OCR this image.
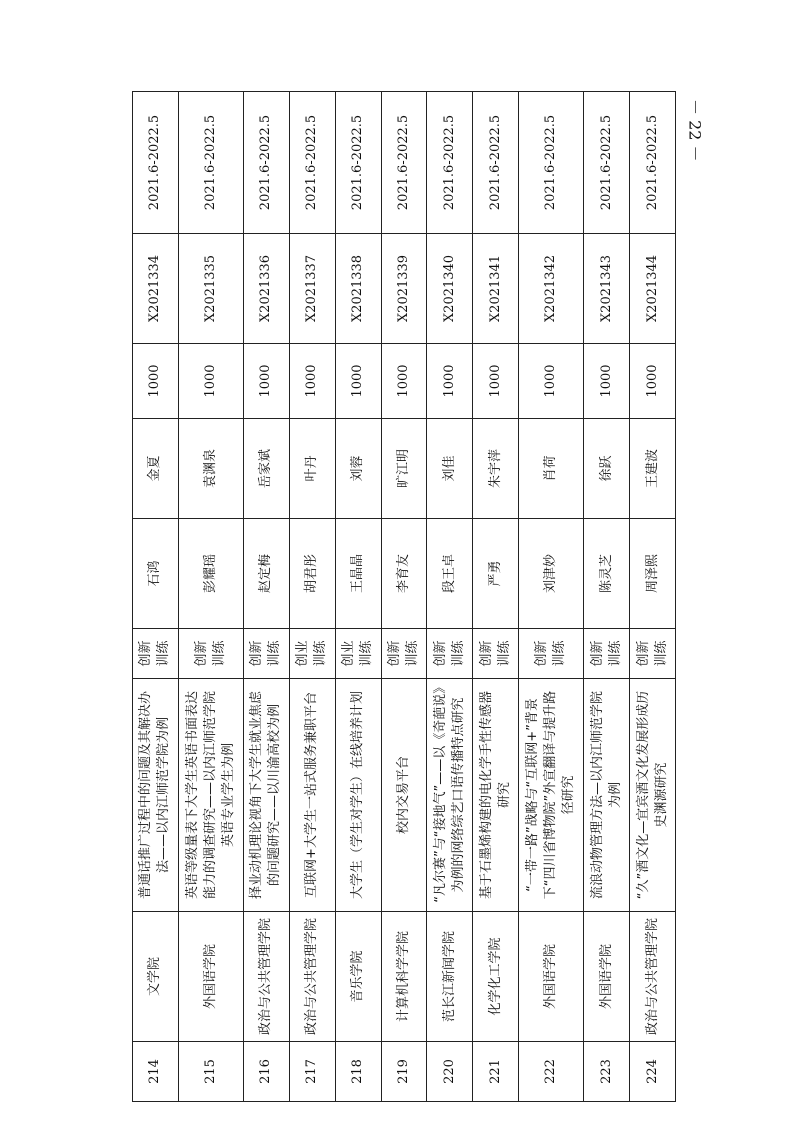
214	文学院	普通话推广过程中的问题及其解决办法——以内江师范学院为例	创新训练	石鸿	金夏	1000	X2021334	2021.6-2022.5
215	外国语学院	英语等级量表下大学生英语书面表达能力的调查研究——以内江师范学院英语专业学生为例	创新训练	彭耀瑶	袁渊泉	1000	X2021335	2021.6-2022.5
216	政治与公共管理学院	择业动机理论视角下大学生就业焦虑的问题研究——以川渝高校为例	创新训练	赵定梅	岳家斌	1000	X2021336	2021.6-2022.5
217	政治与公共管理学院	互联网+大学生一站式服务兼职平台	创业训练	胡君彤	叶丹	1000	X2021337	2021.6-2022.5
218	音乐学院	大学生（学生对学生）在线培养计划	创业训练	王晶晶	刘蓉	1000	X2021338	2021.6-2022.5
219	计算机科学学院	校内交易平台	创新训练	李育友	旷江明	1000	X2021339	2021.6-2022.5
220	范长江新闻学院	“凡尔赛”与“接地气”——以《奇葩说》为例的网络综艺口语传播特点研究	创新训练	段王卓	刘佳	1000	X2021340	2021.6-2022.5
221	化学化工学院	基于石墨烯构建的电化学手性传感器研究	创新训练	严勇	朱宇萍	1000	X2021341	2021.6-2022.5
222	外国语学院	“一带一路”战略与“互联网+”背景下“四川省博物院”外宣翻译与提升路径研究	创新训练	刘津妙	肖荷	1000	X2021342	2021.6-2022.5
223	外国语学院	流浪动物管理方法—以内江师范学院为例	创新训练	陈灵芝	徐跃	1000	X2021343	2021.6-2022.5
224	政治与公共管理学院	“久”酒文化—宜宾酒文化发展形成历史渊源研究	创新训练	周泽熙	王建波	1000	X2021344	2021.6-2022.5 － 22 －
